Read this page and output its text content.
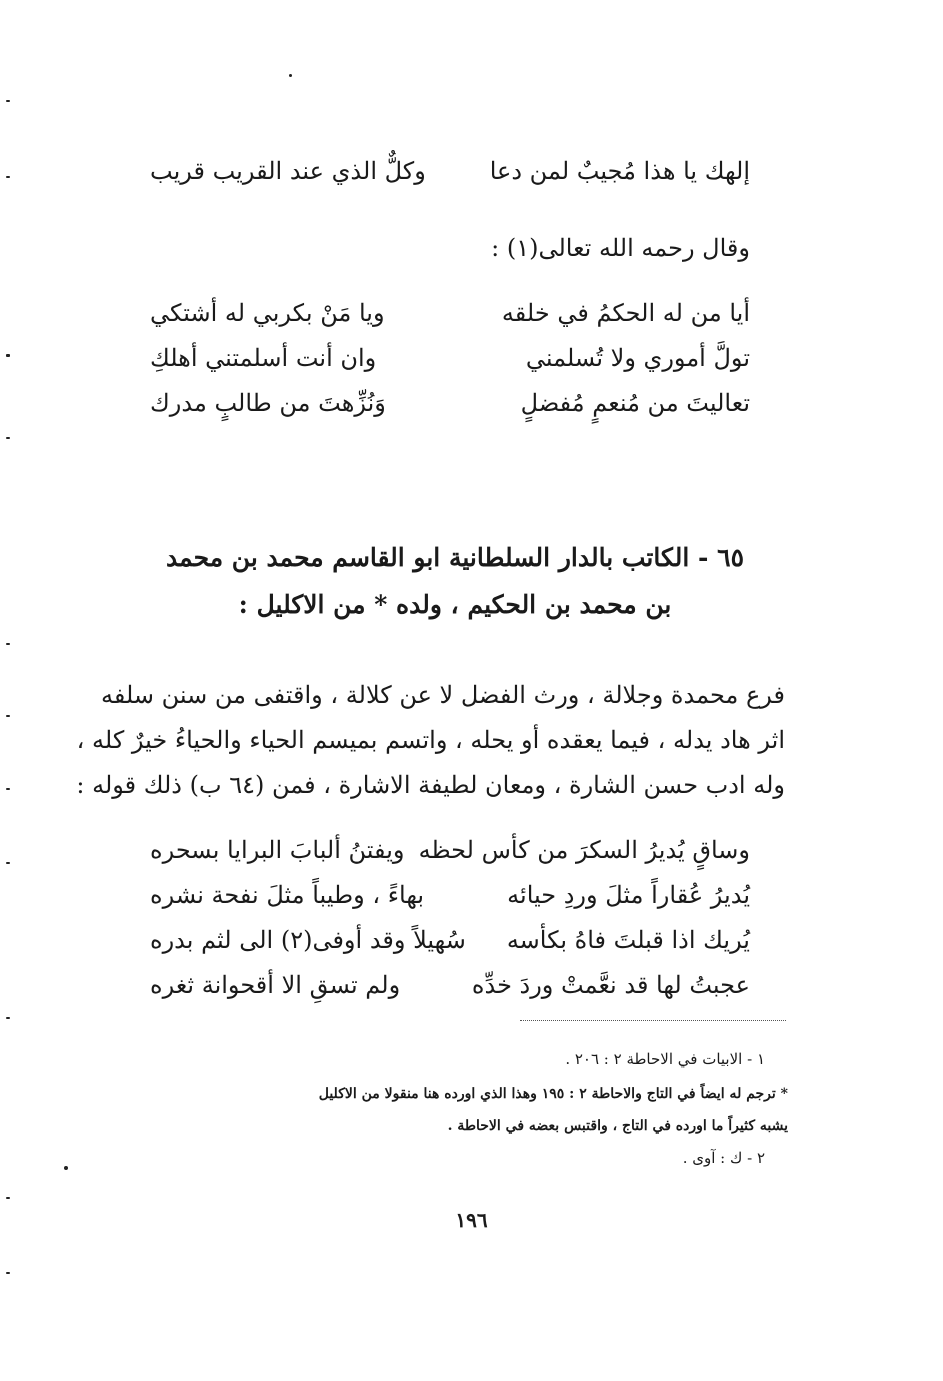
إلهك يا هذا مُجيبٌ لمن دعا
وكلٌّ الذي عند القريب قريب
وقال رحمه الله تعالى(١) :
أيا من له الحكمُ في خلقه
ويا مَنْ بكربي له أشتكي
تولَّ أموري ولا تُسلمني
وان أنت أسلمتني أهلكِ
تعاليتَ من مُنعمٍ مُفضلٍ
وَنُزِّهتَ من طالبٍ مدرك
٦٥ - الكاتب بالدار السلطانية ابو القاسم محمد بن محمد
بن محمد بن الحكيم ، ولده * من الاكليل :
فرع محمدة وجلالة ، ورث الفضل لا عن كلالة ، واقتفى من سنن سلفه
اثر هاد يدله ، فيما يعقده أو يحله ، واتسم بميسم الحياء والحياءُ خيرٌ كله ،
وله ادب حسن الشارة ، ومعان لطيفة الاشارة ، فمن (٦٤ ب) ذلك قوله :
وساقٍ يُديرُ السكرَ من كأس لحظه
ويفتنُ ألبابَ البرايا بسحره
يُديرُ عُقاراً مثلَ وردِ حيائه
بهاءً ، وطيباً مثلَ نفحة نشره
يُريك اذا قبلتَ فاهُ بكأسه
سُهيلاً وقد أوفى(٢) الى لثم بدره
عجبتُ لها قد نعَّمتْ وردَ خدِّه
ولم تسقِ الا أقحوانة ثغره
١ - الابيات في الاحاطة ٢ : ٢٠٦ .
* ترجم له ايضاً في التاج والاحاطة ٢ : ١٩٥ وهذا الذي اورده هنا منقولا من الاكليل
يشبه كثيراً ما اورده في التاج ، واقتبس بعضه في الاحاطة .
٢ - ك : آوى .
١٩٦
